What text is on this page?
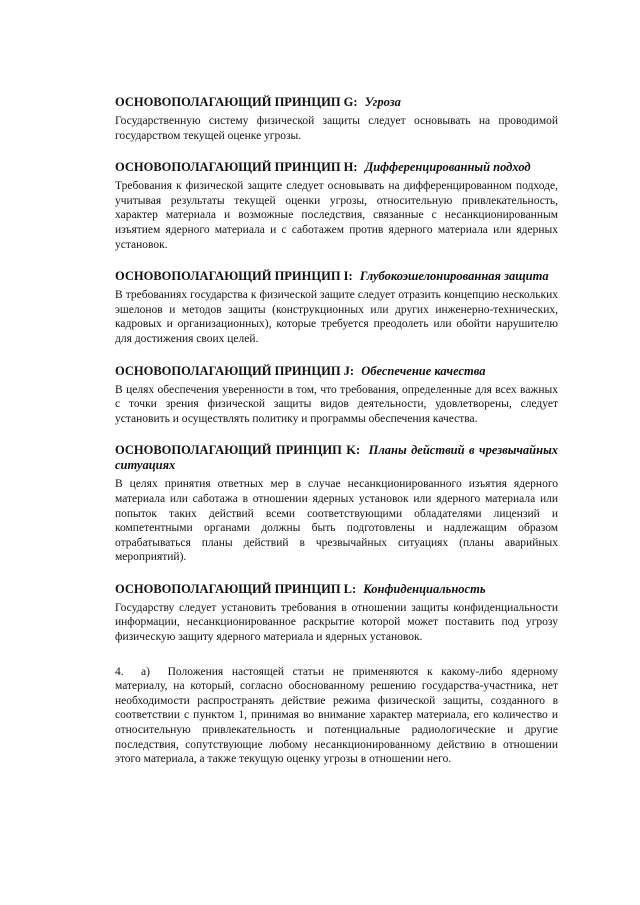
ОСНОВОПОЛАГАЮЩИЙ ПРИНЦИП G: Угроза

Государственную систему физической защиты следует основывать на проводимой государством текущей оценке угрозы.

ОСНОВОПОЛАГАЮЩИЙ ПРИНЦИП H: Дифференцированный подход

Требования к физической защите следует основывать на дифференцированном подходе, учитывая результаты текущей оценки угрозы, относительную привлекательность, характер материала и возможные последствия, связанные с несанкционированным изъятием ядерного материала и с саботажем против ядерного материала или ядерных установок.

ОСНОВОПОЛАГАЮЩИЙ ПРИНЦИП I: Глубокоэшелонированная защита

В требованиях государства к физической защите следует отразить концепцию нескольких эшелонов и методов защиты (конструкционных или других инженерно-технических, кадровых и организационных), которые требуется преодолеть или обойти нарушителю для достижения своих целей.

ОСНОВОПОЛАГАЮЩИЙ ПРИНЦИП J: Обеспечение качества

В целях обеспечения уверенности в том, что требования, определенные для всех важных с точки зрения физической защиты видов деятельности, удовлетворены, следует установить и осуществлять политику и программы обеспечения качества.

ОСНОВОПОЛАГАЮЩИЙ ПРИНЦИП K: Планы действий в чрезвычайных ситуациях

В целях принятия ответных мер в случае несанкционированного изъятия ядерного материала или саботажа в отношении ядерных установок или ядерного материала или попыток таких действий всеми соответствующими обладателями лицензий и компетентными органами должны быть подготовлены и надлежащим образом отрабатываться планы действий в чрезвычайных ситуациях (планы аварийных мероприятий).

ОСНОВОПОЛАГАЮЩИЙ ПРИНЦИП L: Конфиденциальность

Государству следует установить требования в отношении защиты конфиденциальности информации, несанкционированное раскрытие которой может поставить под угрозу физическую защиту ядерного материала и ядерных установок.

4. a) Положения настоящей статьи не применяются к какому-либо ядерному материалу, на который, согласно обоснованному решению государства-участника, нет необходимости распространять действие режима физической защиты, созданного в соответствии с пунктом 1, принимая во внимание характер материала, его количество и относительную привлекательность и потенциальные радиологические и другие последствия, сопутствующие любому несанкционированному действию в отношении этого материала, а также текущую оценку угрозы в отношении него.
